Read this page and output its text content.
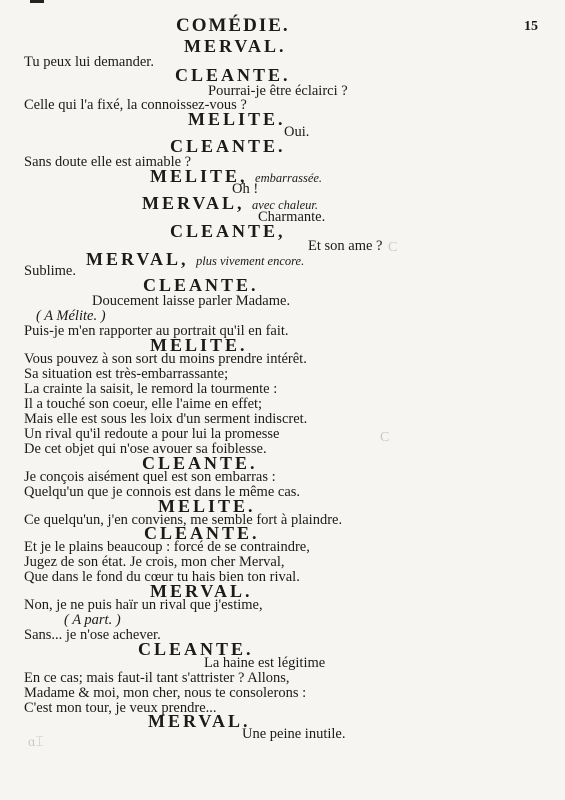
COMÉDIE.	15
MERVAL.
Tu peux lui demander.
CLEANTE.
Pourrai-je être éclairci ?
Celle qui l'a fixé, la connoissez-vous ?
MELITE.
Oui.
CLEANTE.
Sans doute elle est aimable ?
MELITE, embarrassée.
Oh !
MERVAL, avec chaleur.
Charmante.
CLEANTE,
Et son ame ?
MERVAL, plus vivement encore.
Sublime.
CLEANTE.
Doucement laisse parler Madame.
( A Mélite. )
Puis-je m'en rapporter au portrait qu'il en fait.
MELITE.
Vous pouvez à son sort du moins prendre intérêt.
Sa situation est très-embarrassante;
La crainte la saisit, le remord la tourmente :
Il a touché son coeur, elle l'aime en effet;
Mais elle est sous les loix d'un serment indiscret.
Un rival qu'il redoute a pour lui la promesse
De cet objet qui n'ose avouer sa foiblesse.
CLEANTE.
Je conçois aisément quel est son embarras :
Quelqu'un que je connois est dans le même cas.
MELITE.
Ce quelqu'un, j'en conviens, me semble fort à plaindre.
CLEANTE.
Et je le plains beaucoup : forcé de se contraindre,
Jugez de son état. Je crois, mon cher Merval,
Que dans le fond du cœur tu hais bien ton rival.
MERVAL.
Non, je ne puis haïr un rival que j'estime,
( A part. )
Sans... je n'ose achever.
CLEANTE.
La haine est légitime
En ce cas; mais faut-il tant s'attrister ? Allons,
Madame & moi, mon cher, nous te consolerons :
C'est mon tour, je veux prendre...
MERVAL.
Une peine inutile.
ɑ⌶
C
C
